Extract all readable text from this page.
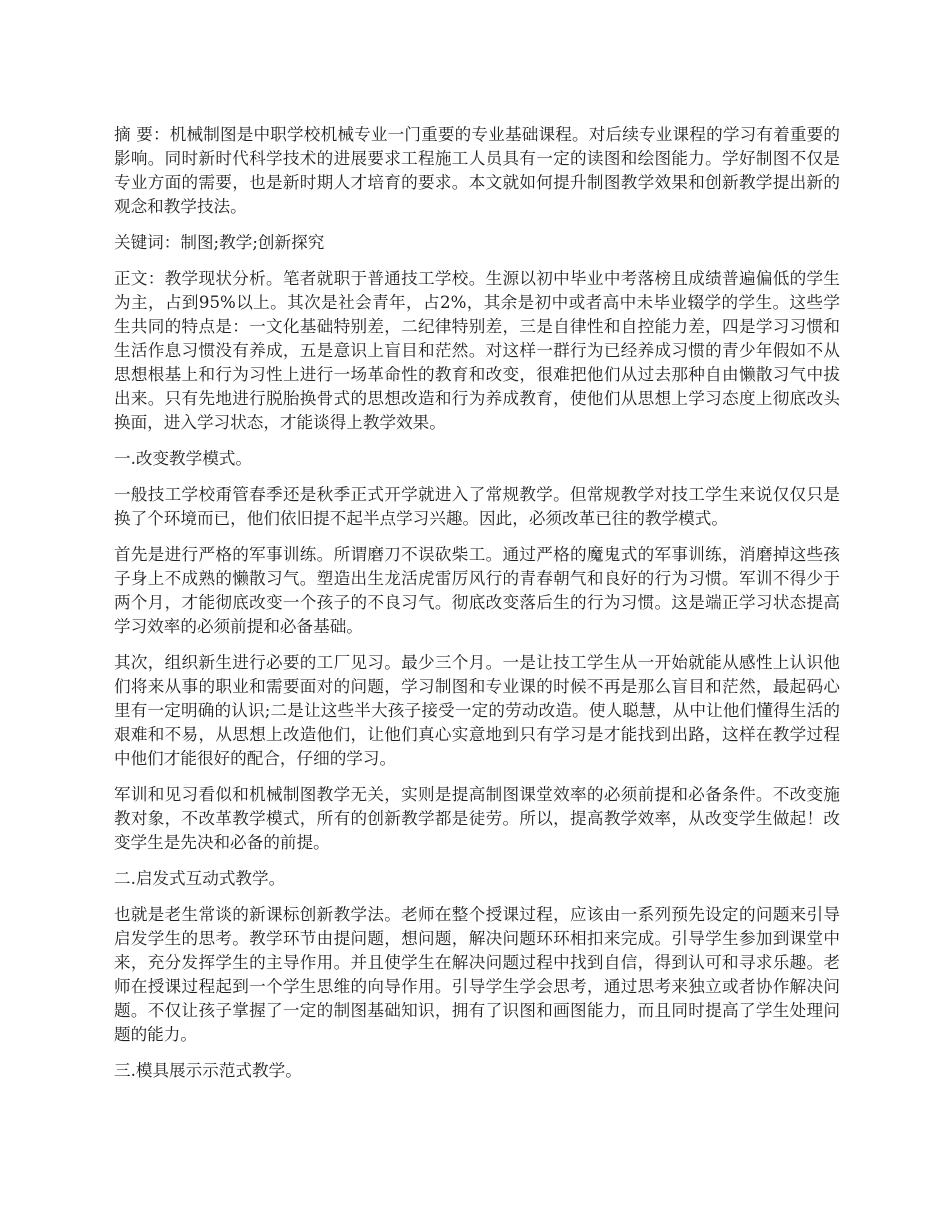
摘 要：机械制图是中职学校机械专业一门重要的专业基础课程。对后续专业课程的学习有着重要的影响。同时新时代科学技术的进展要求工程施工人员具有一定的读图和绘图能力。学好制图不仅是专业方面的需要，也是新时期人才培育的要求。本文就如何提升制图教学效果和创新教学提出新的观念和教学技法。

关键词：制图;教学;创新探究

正文：教学现状分析。笔者就职于普通技工学校。生源以初中毕业中考落榜且成绩普遍偏低的学生为主，占到95%以上。其次是社会青年，占2%，其余是初中或者高中未毕业辍学的学生。这些学生共同的特点是：一文化基础特别差，二纪律特别差，三是自律性和自控能力差，四是学习习惯和生活作息习惯没有养成，五是意识上盲目和茫然。对这样一群行为已经养成习惯的青少年假如不从思想根基上和行为习性上进行一场革命性的教育和改变，很难把他们从过去那种自由懒散习气中拔出来。只有先地进行脱胎换骨式的思想改造和行为养成教育，使他们从思想上学习态度上彻底改头换面，进入学习状态，才能谈得上教学效果。

一.改变教学模式。

一般技工学校甭管春季还是秋季正式开学就进入了常规教学。但常规教学对技工学生来说仅仅只是换了个环境而已，他们依旧提不起半点学习兴趣。因此，必须改革已往的教学模式。

首先是进行严格的军事训练。所谓磨刀不误砍柴工。通过严格的魔鬼式的军事训练，消磨掉这些孩子身上不成熟的懒散习气。塑造出生龙活虎雷厉风行的青春朝气和良好的行为习惯。军训不得少于两个月，才能彻底改变一个孩子的不良习气。彻底改变落后生的行为习惯。这是端正学习状态提高学习效率的必须前提和必备基础。

其次，组织新生进行必要的工厂见习。最少三个月。一是让技工学生从一开始就能从感性上认识他们将来从事的职业和需要面对的问题，学习制图和专业课的时候不再是那么盲目和茫然，最起码心里有一定明确的认识;二是让这些半大孩子接受一定的劳动改造。使人聪慧，从中让他们懂得生活的艰难和不易，从思想上改造他们，让他们真心实意地到只有学习是才能找到出路，这样在教学过程中他们才能很好的配合，仔细的学习。

军训和见习看似和机械制图教学无关，实则是提高制图课堂效率的必须前提和必备条件。不改变施教对象，不改革教学模式，所有的创新教学都是徒劳。所以，提高教学效率，从改变学生做起！改变学生是先决和必备的前提。

二.启发式互动式教学。

也就是老生常谈的新课标创新教学法。老师在整个授课过程，应该由一系列预先设定的问题来引导启发学生的思考。教学环节由提问题，想问题，解决问题环环相扣来完成。引导学生参加到课堂中来，充分发挥学生的主导作用。并且使学生在解决问题过程中找到自信，得到认可和寻求乐趣。老师在授课过程起到一个学生思维的向导作用。引导学生学会思考，通过思考来独立或者协作解决问题。不仅让孩子掌握了一定的制图基础知识，拥有了识图和画图能力，而且同时提高了学生处理问题的能力。

三.模具展示示范式教学。
